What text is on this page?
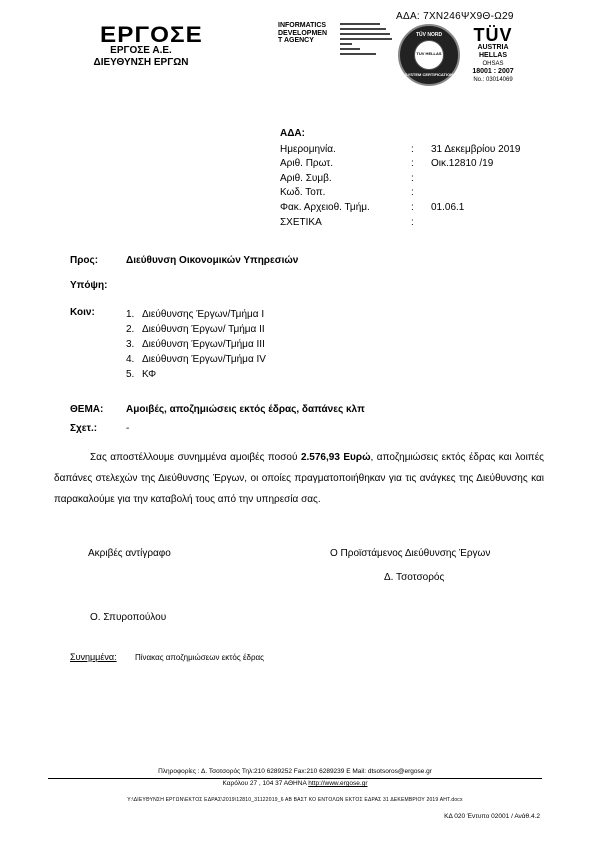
ΑΔΑ: 7ΧΝ246ΨΧ9Θ-Ω29
ΕΡΓΟΣΕ
ΕΡΓΟΣΕ Α.Ε.
ΔΙΕΥΘΥΝΣΗ ΕΡΓΩΝ
INFORMATICS
DEVELOPMEN
T AGENCY
TÜV NORD
TUV HELLAS
SYSTEM CERTIFICATION
TÜV
AUSTRIA
HELLAS
OHSAS
18001 : 2007
No.: 03014069
ΑΔΑ:
Ημερομηνία.	: 31 Δεκεμβρίου 2019
Αριθ. Πρωτ.	: Οικ.12810 /19
Αριθ. Συμβ.	:
Κωδ. Τοπ.	:
Φακ. Αρχειοθ. Τμήμ.	: 01.06.1
ΣΧΕΤΙΚΑ	:
Προς:	Διεύθυνση Οικονομικών Υπηρεσιών
Υπόψη:
Κοιν:	1. Διεύθυνσης Έργων/Τμήμα Ι
2. Διεύθυνση Έργων/ Τμήμα ΙΙ
3. Διεύθυνση Έργων/Τμήμα ΙΙΙ
4. Διεύθυνση Έργων/Τμήμα ΙV
5. ΚΦ
ΘΕΜΑ: Αμοιβές, αποζημιώσεις εκτός έδρας, δαπάνες κλπ
Σχετ.:	-
Σας αποστέλλουμε συνημμένα αμοιβές ποσού 2.576,93 Ευρώ, αποζημιώσεις εκτός έδρας και λοιπές δαπάνες στελεχών της Διεύθυνσης Έργων, οι οποίες πραγματοποιήθηκαν για τις ανάγκες της Διεύθυνσης και παρακαλούμε για την καταβολή τους από την υπηρεσία σας.
Ακριβές αντίγραφο	Ο Προϊστάμενος Διεύθυνσης Έργων
Δ. Τσοτσορός
Ο. Σπυροπούλου
Συνημμένα: Πίνακας αποζημιώσεων εκτός έδρας
Πληροφορίες : Δ. Τσοτσορός Τηλ:210 6289252 Fax:210 6289239 E Mail: dtsotsoros@ergose.gr
Καρόλου 27 , 104 37 ΑΘΗΝΑ http://www.ergose.gr
Υ:\ΔΙΕΥΘΥΝΣΗ ΕΡΓΩΝ\ΕΚΤΟΣ ΕΔΡΑΣ\2019\12810_31122019_6 ΑΒ ΒΑΣΤ ΚΟ ΕΝΤΟΛΩΝ ΕΚΤΟΣ ΕΔΡΑΣ 31 ΔΕΚΕΜΒΡΙΟΥ 2019 ΑΗΤ.docx
ΚΔ 020 Έντυπο 02001 / Ανάθ.4.2
